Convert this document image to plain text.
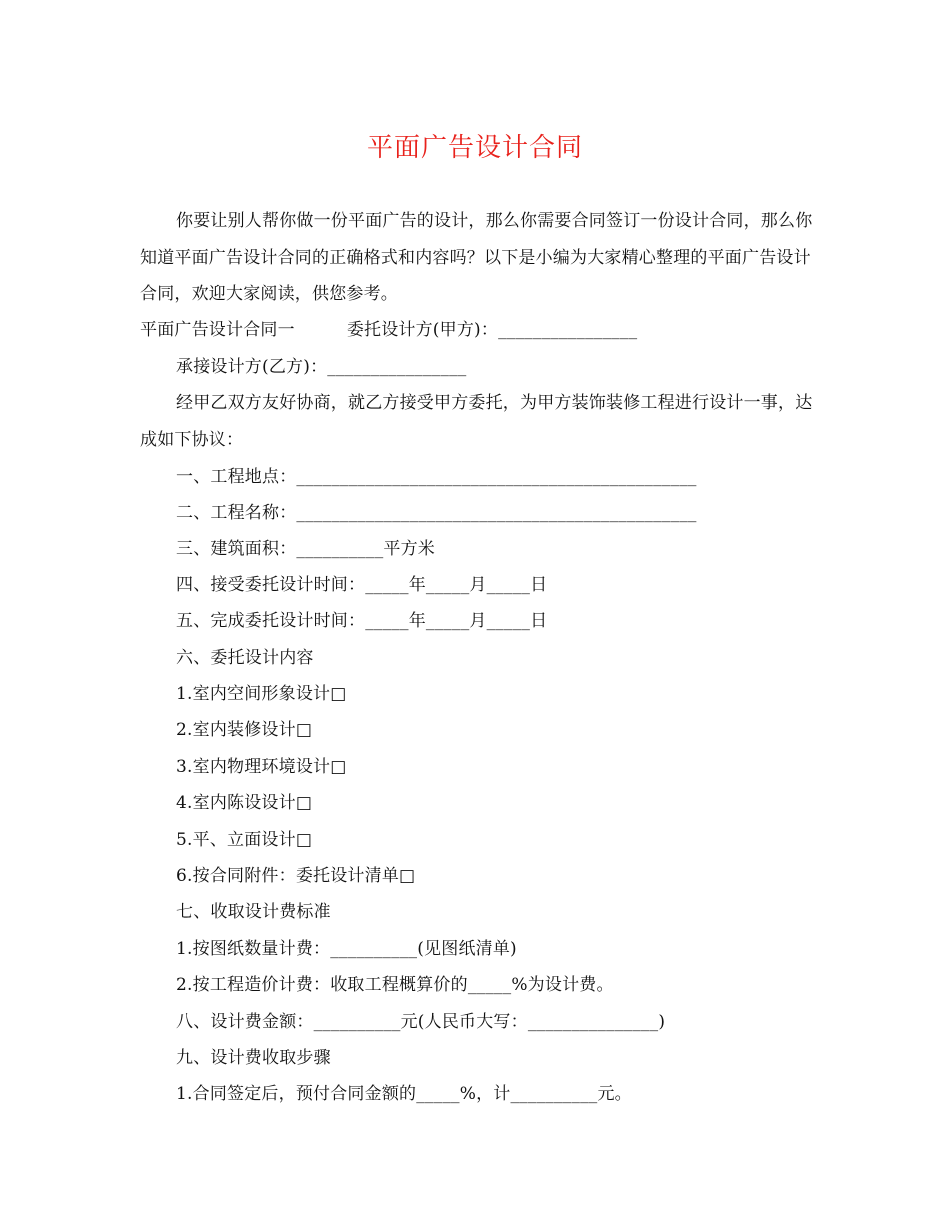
平面广告设计合同
你要让别人帮你做一份平面广告的设计，那么你需要合同签订一份设计合同，那么你知道平面广告设计合同的正确格式和内容吗？以下是小编为大家精心整理的平面广告设计合同，欢迎大家阅读，供您参考。
平面广告设计合同一	委托设计方(甲方)：________________
承接设计方(乙方)：________________
经甲乙双方友好协商，就乙方接受甲方委托，为甲方装饰装修工程进行设计一事，达成如下协议：
一、工程地点：______________________________________________
二、工程名称：______________________________________________
三、建筑面积：__________平方米
四、接受委托设计时间：_____年_____月_____日
五、完成委托设计时间：_____年_____月_____日
六、委托设计内容
1.室内空间形象设计□
2.室内装修设计□
3.室内物理环境设计□
4.室内陈设设计□
5.平、立面设计□
6.按合同附件：委托设计清单□
七、收取设计费标准
1.按图纸数量计费：__________(见图纸清单)
2.按工程造价计费：收取工程概算价的_____%为设计费。
八、设计费金额：__________元(人民币大写：_______________)
九、设计费收取步骤
1.合同签定后，预付合同金额的_____%，计__________元。
